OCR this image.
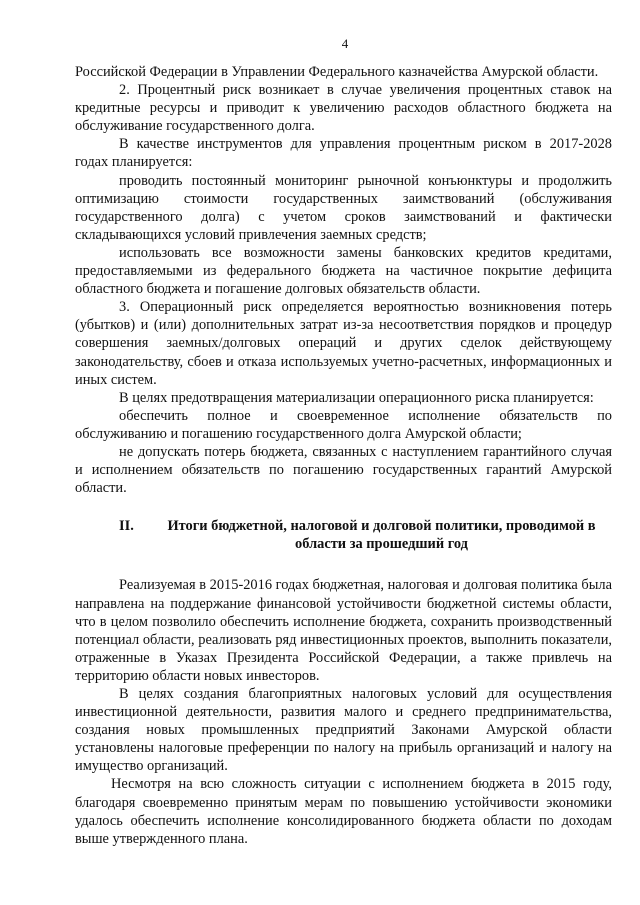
4

Российской Федерации в Управлении Федерального казначейства Амурской области.

2. Процентный риск возникает в случае увеличения процентных ставок на кредитные ресурсы и приводит к увеличению расходов областного бюджета на обслуживание государственного долга.

В качестве инструментов для управления процентным риском в 2017-2028 годах планируется:

проводить постоянный мониторинг рыночной конъюнктуры и продолжить оптимизацию стоимости государственных заимствований (обслуживания государственного долга) с учетом сроков заимствований и фактически складывающихся условий привлечения заемных средств;

использовать все возможности замены банковских кредитов кредитами, предоставляемыми из федерального бюджета на частичное покрытие дефицита областного бюджета и погашение долговых обязательств области.

3. Операционный риск определяется вероятностью возникновения потерь (убытков) и (или) дополнительных затрат из-за несоответствия порядков и процедур совершения заемных/долговых операций и других сделок действующему законодательству, сбоев и отказа используемых учетно-расчетных, информационных и иных систем.

В целях предотвращения материализации операционного риска планируется:

обеспечить полное и своевременное исполнение обязательств по обслуживанию и погашению государственного долга Амурской области;

не допускать потерь бюджета, связанных с наступлением гарантийного случая и исполнением обязательств по погашению государственных гарантий Амурской области.

II.	Итоги бюджетной, налоговой и долговой политики, проводимой в области за прошедший год

Реализуемая в 2015-2016 годах бюджетная, налоговая и долговая политика была направлена на поддержание финансовой устойчивости бюджетной системы области, что в целом позволило обеспечить исполнение бюджета, сохранить производственный потенциал области, реализовать ряд инвестиционных проектов, выполнить показатели, отраженные в Указах Президента Российской Федерации, а также привлечь на территорию области новых инвесторов.

В целях создания благоприятных налоговых условий для осуществления инвестиционной деятельности, развития малого и среднего предпринимательства, создания новых промышленных предприятий Законами Амурской области установлены налоговые преференции по налогу на прибыль организаций и налогу на имущество организаций.

Несмотря на всю сложность ситуации с исполнением бюджета в 2015 году, благодаря своевременно принятым мерам по повышению устойчивости экономики удалось обеспечить исполнение консолидированного бюджета области по доходам выше утвержденного плана.
